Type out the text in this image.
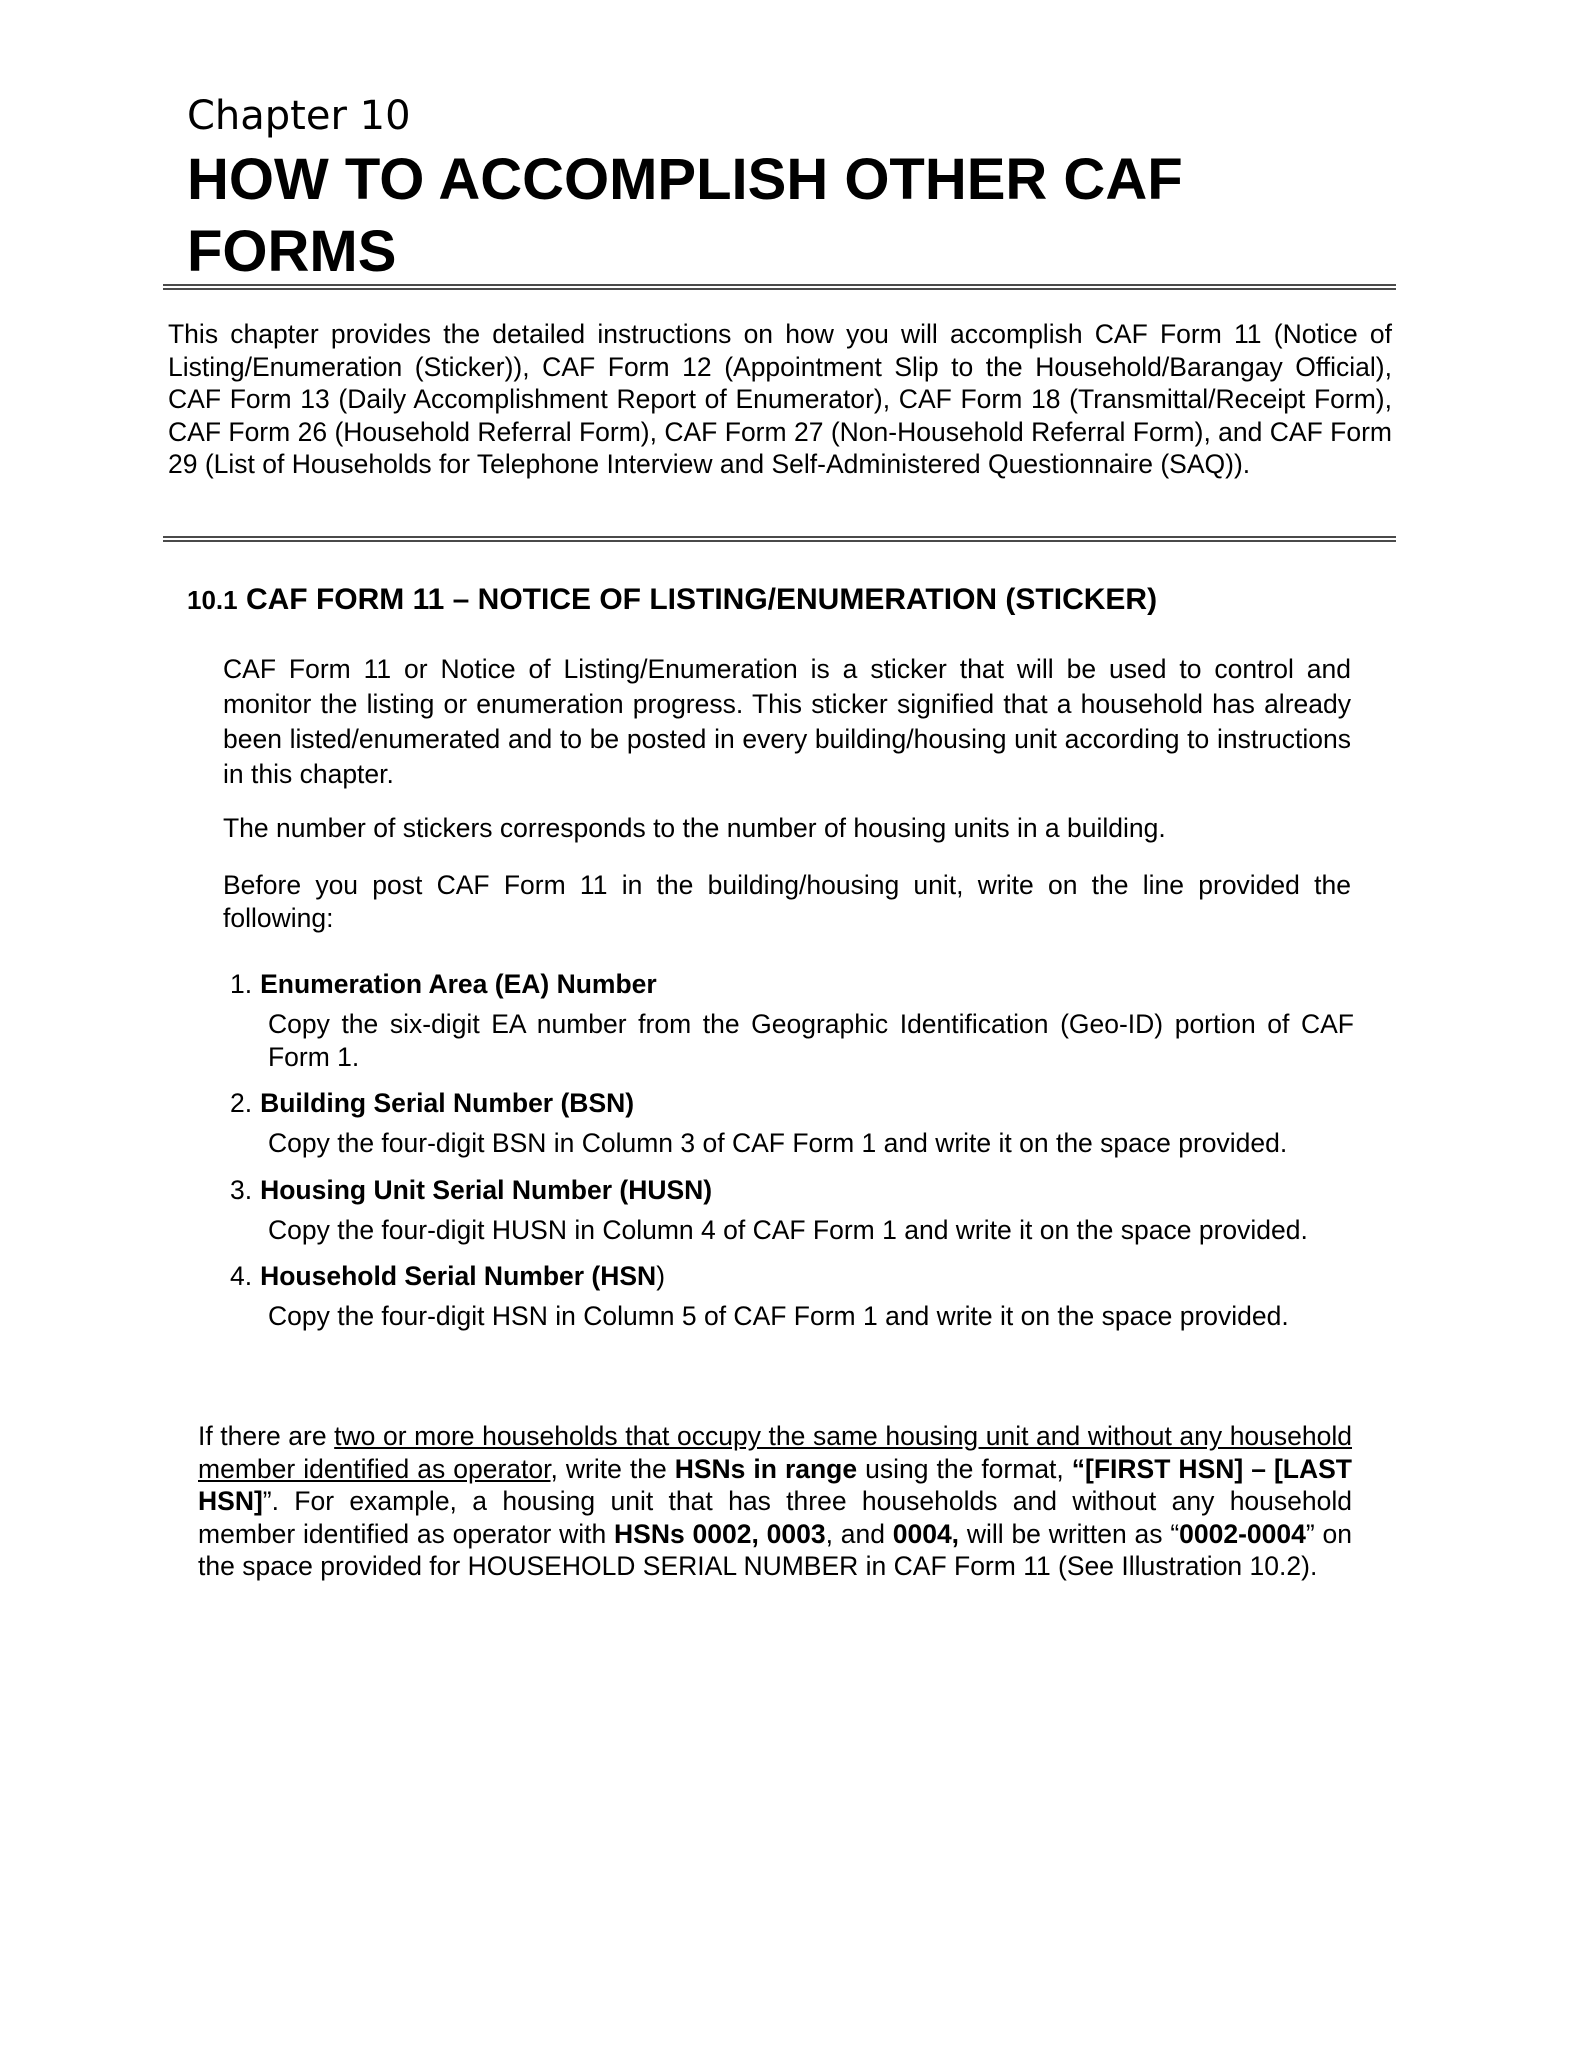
Chapter 10
HOW TO ACCOMPLISH OTHER CAF FORMS

This chapter provides the detailed instructions on how you will accomplish CAF Form 11 (Notice of Listing/Enumeration (Sticker)), CAF Form 12 (Appointment Slip to the Household/Barangay Official), CAF Form 13 (Daily Accomplishment Report of Enumerator), CAF Form 18 (Transmittal/Receipt Form), CAF Form 26 (Household Referral Form), CAF Form 27 (Non-Household Referral Form), and CAF Form 29 (List of Households for Telephone Interview and Self-Administered Questionnaire (SAQ)).

10.1 CAF FORM 11 – NOTICE OF LISTING/ENUMERATION (STICKER)

CAF Form 11 or Notice of Listing/Enumeration is a sticker that will be used to control and monitor the listing or enumeration progress. This sticker signified that a household has already been listed/enumerated and to be posted in every building/housing unit according to instructions in this chapter.

The number of stickers corresponds to the number of housing units in a building.

Before you post CAF Form 11 in the building/housing unit, write on the line provided the following:

1. Enumeration Area (EA) Number
Copy the six-digit EA number from the Geographic Identification (Geo-ID) portion of CAF Form 1.
2. Building Serial Number (BSN)
Copy the four-digit BSN in Column 3 of CAF Form 1 and write it on the space provided.
3. Housing Unit Serial Number (HUSN)
Copy the four-digit HUSN in Column 4 of CAF Form 1 and write it on the space provided.
4. Household Serial Number (HSN )
Copy the four-digit HSN in Column 5 of CAF Form 1 and write it on the space provided.

If there are two or more households that occupy the same housing unit and without any household member identified as operator, write the HSNs in range using the format, “[FIRST HSN] – [LAST HSN]”. For example, a housing unit that has three households and without any household member identified as operator with HSNs 0002, 0003, and 0004, will be written as “0002-0004” on the space provided for HOUSEHOLD SERIAL NUMBER in CAF Form 11 (See Illustration 10.2).
